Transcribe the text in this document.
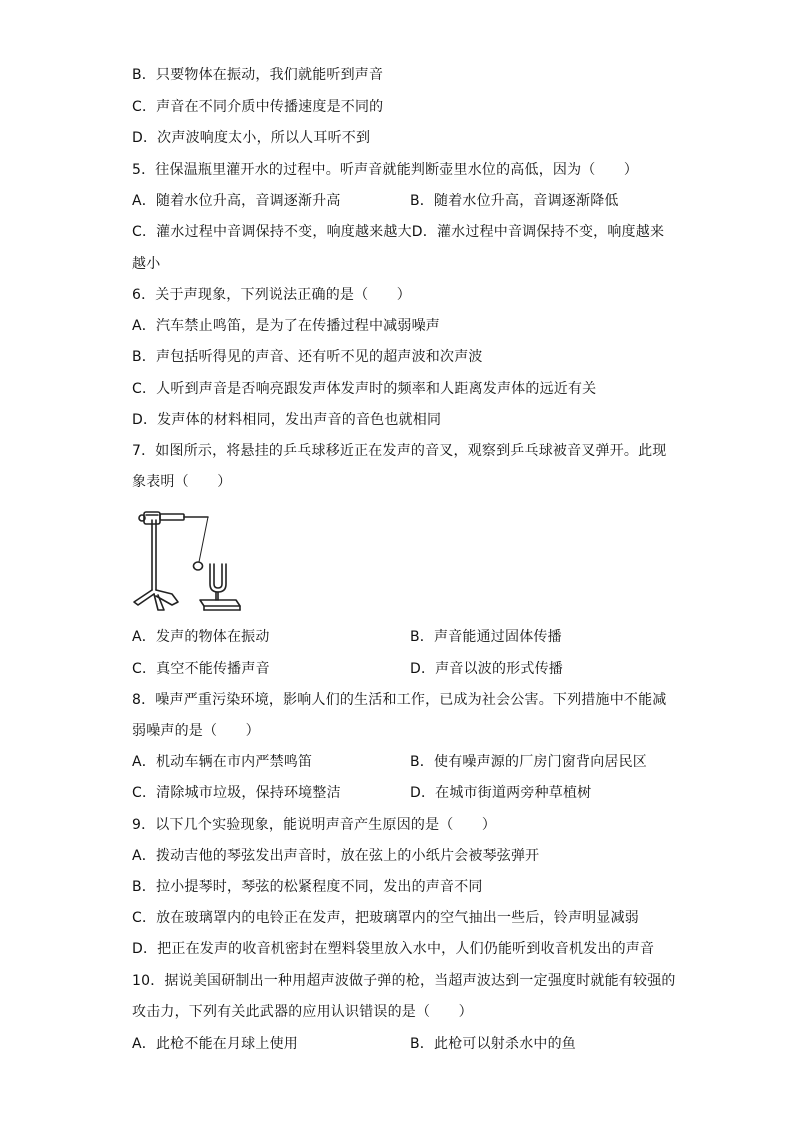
B．只要物体在振动，我们就能听到声音
C．声音在不同介质中传播速度是不同的
D．次声波响度太小，所以人耳听不到
5．往保温瓶里灌开水的过程中。听声音就能判断壶里水位的高低，因为（　　）
A．随着水位升高，音调逐渐升高	B．随着水位升高，音调逐渐降低
C．灌水过程中音调保持不变，响度越来越大D．灌水过程中音调保持不变，响度越来
越小
6．关于声现象，下列说法正确的是（　　）
A．汽车禁止鸣笛，是为了在传播过程中减弱噪声
B．声包括听得见的声音、还有听不见的超声波和次声波
C．人听到声音是否响亮跟发声体发声时的频率和人距离发声体的远近有关
D．发声体的材料相同，发出声音的音色也就相同
7．如图所示，将悬挂的乒乓球移近正在发声的音叉，观察到乒乓球被音叉弹开。此现
象表明（　　）
A．发声的物体在振动	B．声音能通过固体传播
C．真空不能传播声音	D．声音以波的形式传播
8．噪声严重污染环境，影响人们的生活和工作，已成为社会公害。下列措施中不能减
弱噪声的是（　　）
A．机动车辆在市内严禁鸣笛	B．使有噪声源的厂房门窗背向居民区
C．清除城市垃圾，保持环境整洁	D．在城市街道两旁种草植树
9．以下几个实验现象，能说明声音产生原因的是（　　）
A．拨动吉他的琴弦发出声音时，放在弦上的小纸片会被琴弦弹开
B．拉小提琴时，琴弦的松紧程度不同，发出的声音不同
C．放在玻璃罩内的电铃正在发声，把玻璃罩内的空气抽出一些后，铃声明显减弱
D．把正在发声的收音机密封在塑料袋里放入水中，人们仍能听到收音机发出的声音
10．据说美国研制出一种用超声波做子弹的枪，当超声波达到一定强度时就能有较强的
攻击力，下列有关此武器的应用认识错误的是（　　）
A．此枪不能在月球上使用	B．此枪可以射杀水中的鱼
